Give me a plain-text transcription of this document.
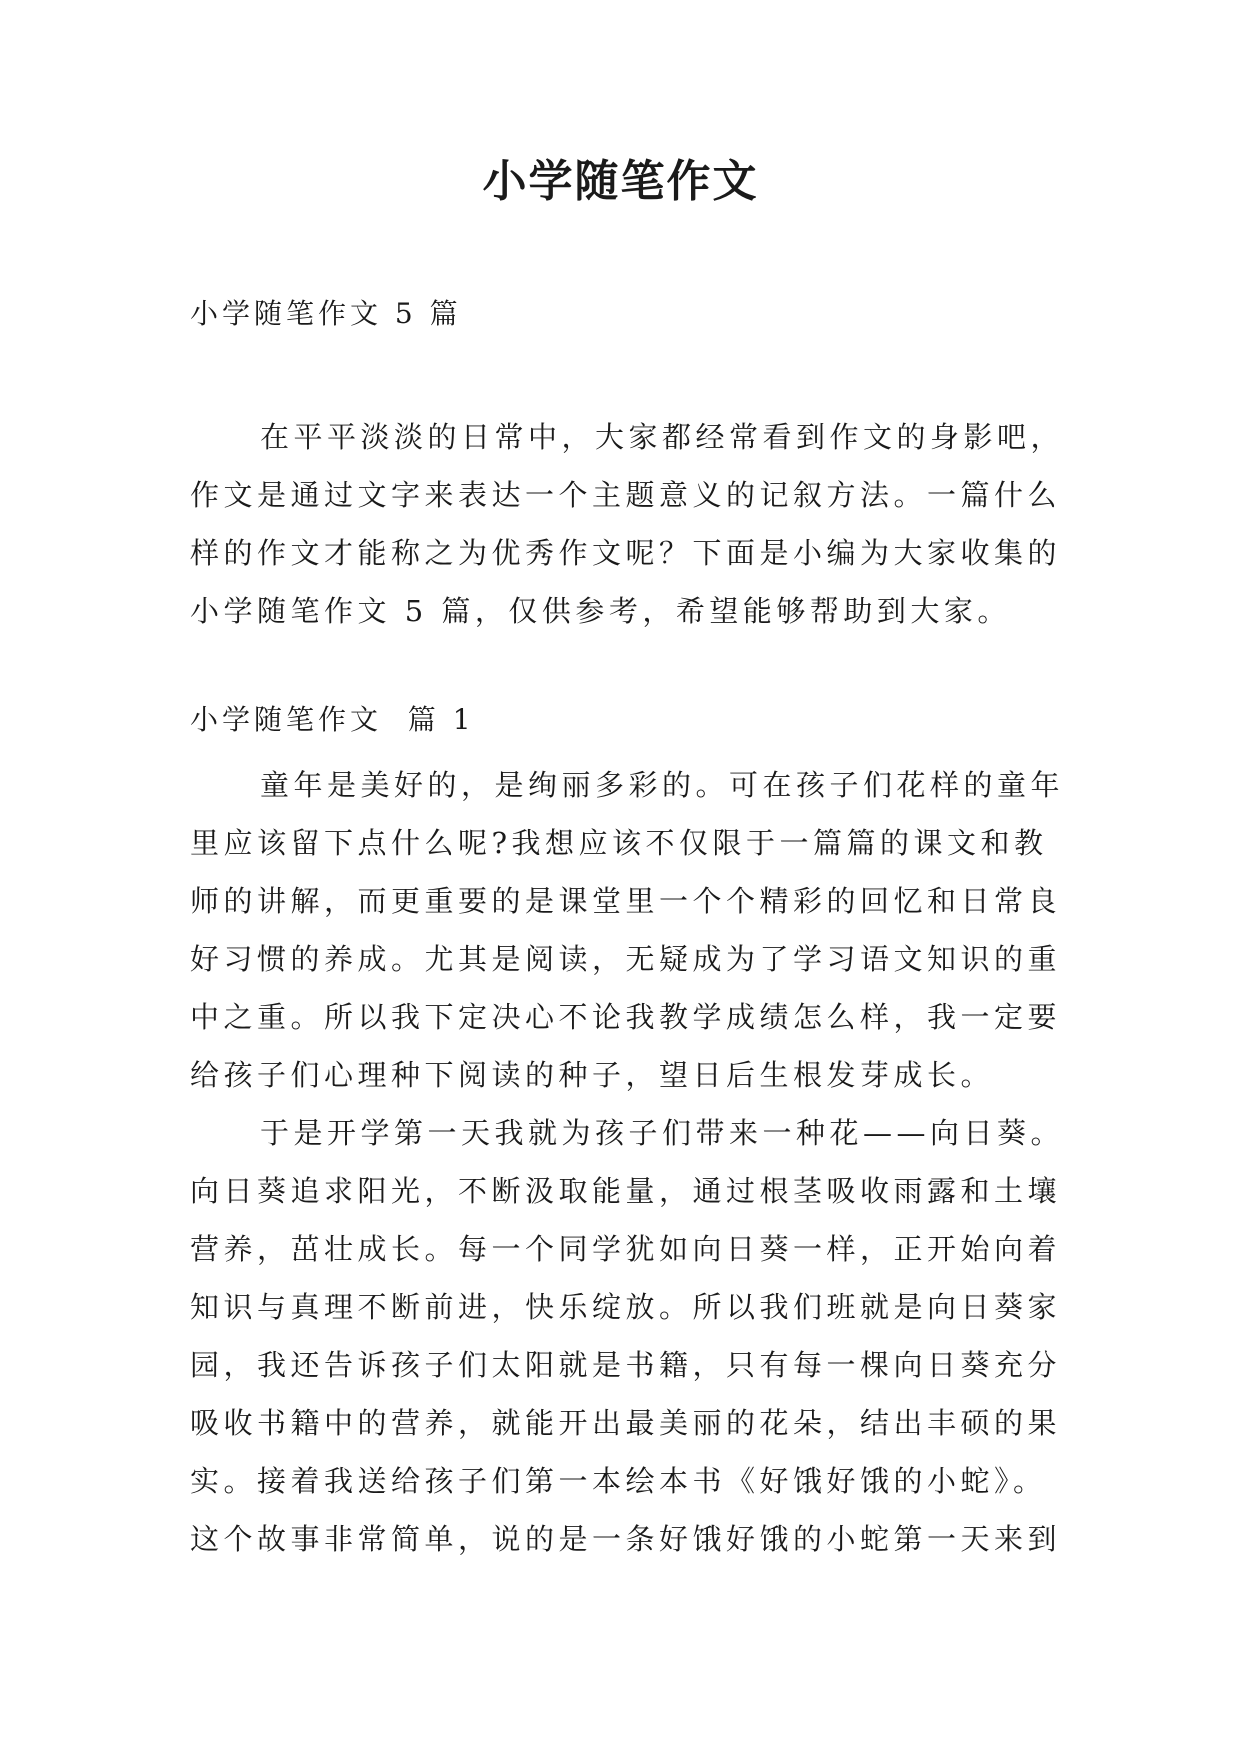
小学随笔作文

小学随笔作文 5 篇

在平平淡淡的日常中，大家都经常看到作文的身影吧，作文是通过文字来表达一个主题意义的记叙方法。一篇什么样的作文才能称之为优秀作文呢？下面是小编为大家收集的小学随笔作文 5 篇，仅供参考，希望能够帮助到大家。

小学随笔作文  篇 1

童年是美好的，是绚丽多彩的。可在孩子们花样的童年里应该留下点什么呢?我想应该不仅限于一篇篇的课文和教师的讲解，而更重要的是课堂里一个个精彩的回忆和日常良好习惯的养成。尤其是阅读，无疑成为了学习语文知识的重中之重。所以我下定决心不论我教学成绩怎么样，我一定要给孩子们心理种下阅读的种子，望日后生根发芽成长。

于是开学第一天我就为孩子们带来一种花——向日葵。向日葵追求阳光，不断汲取能量，通过根茎吸收雨露和土壤营养，茁壮成长。每一个同学犹如向日葵一样，正开始向着知识与真理不断前进，快乐绽放。所以我们班就是向日葵家园，我还告诉孩子们太阳就是书籍，只有每一棵向日葵充分吸收书籍中的营养，就能开出最美丽的花朵，结出丰硕的果实。接着我送给孩子们第一本绘本书《好饿好饿的小蛇》。这个故事非常简单，说的是一条好饿好饿的小蛇第一天来到
